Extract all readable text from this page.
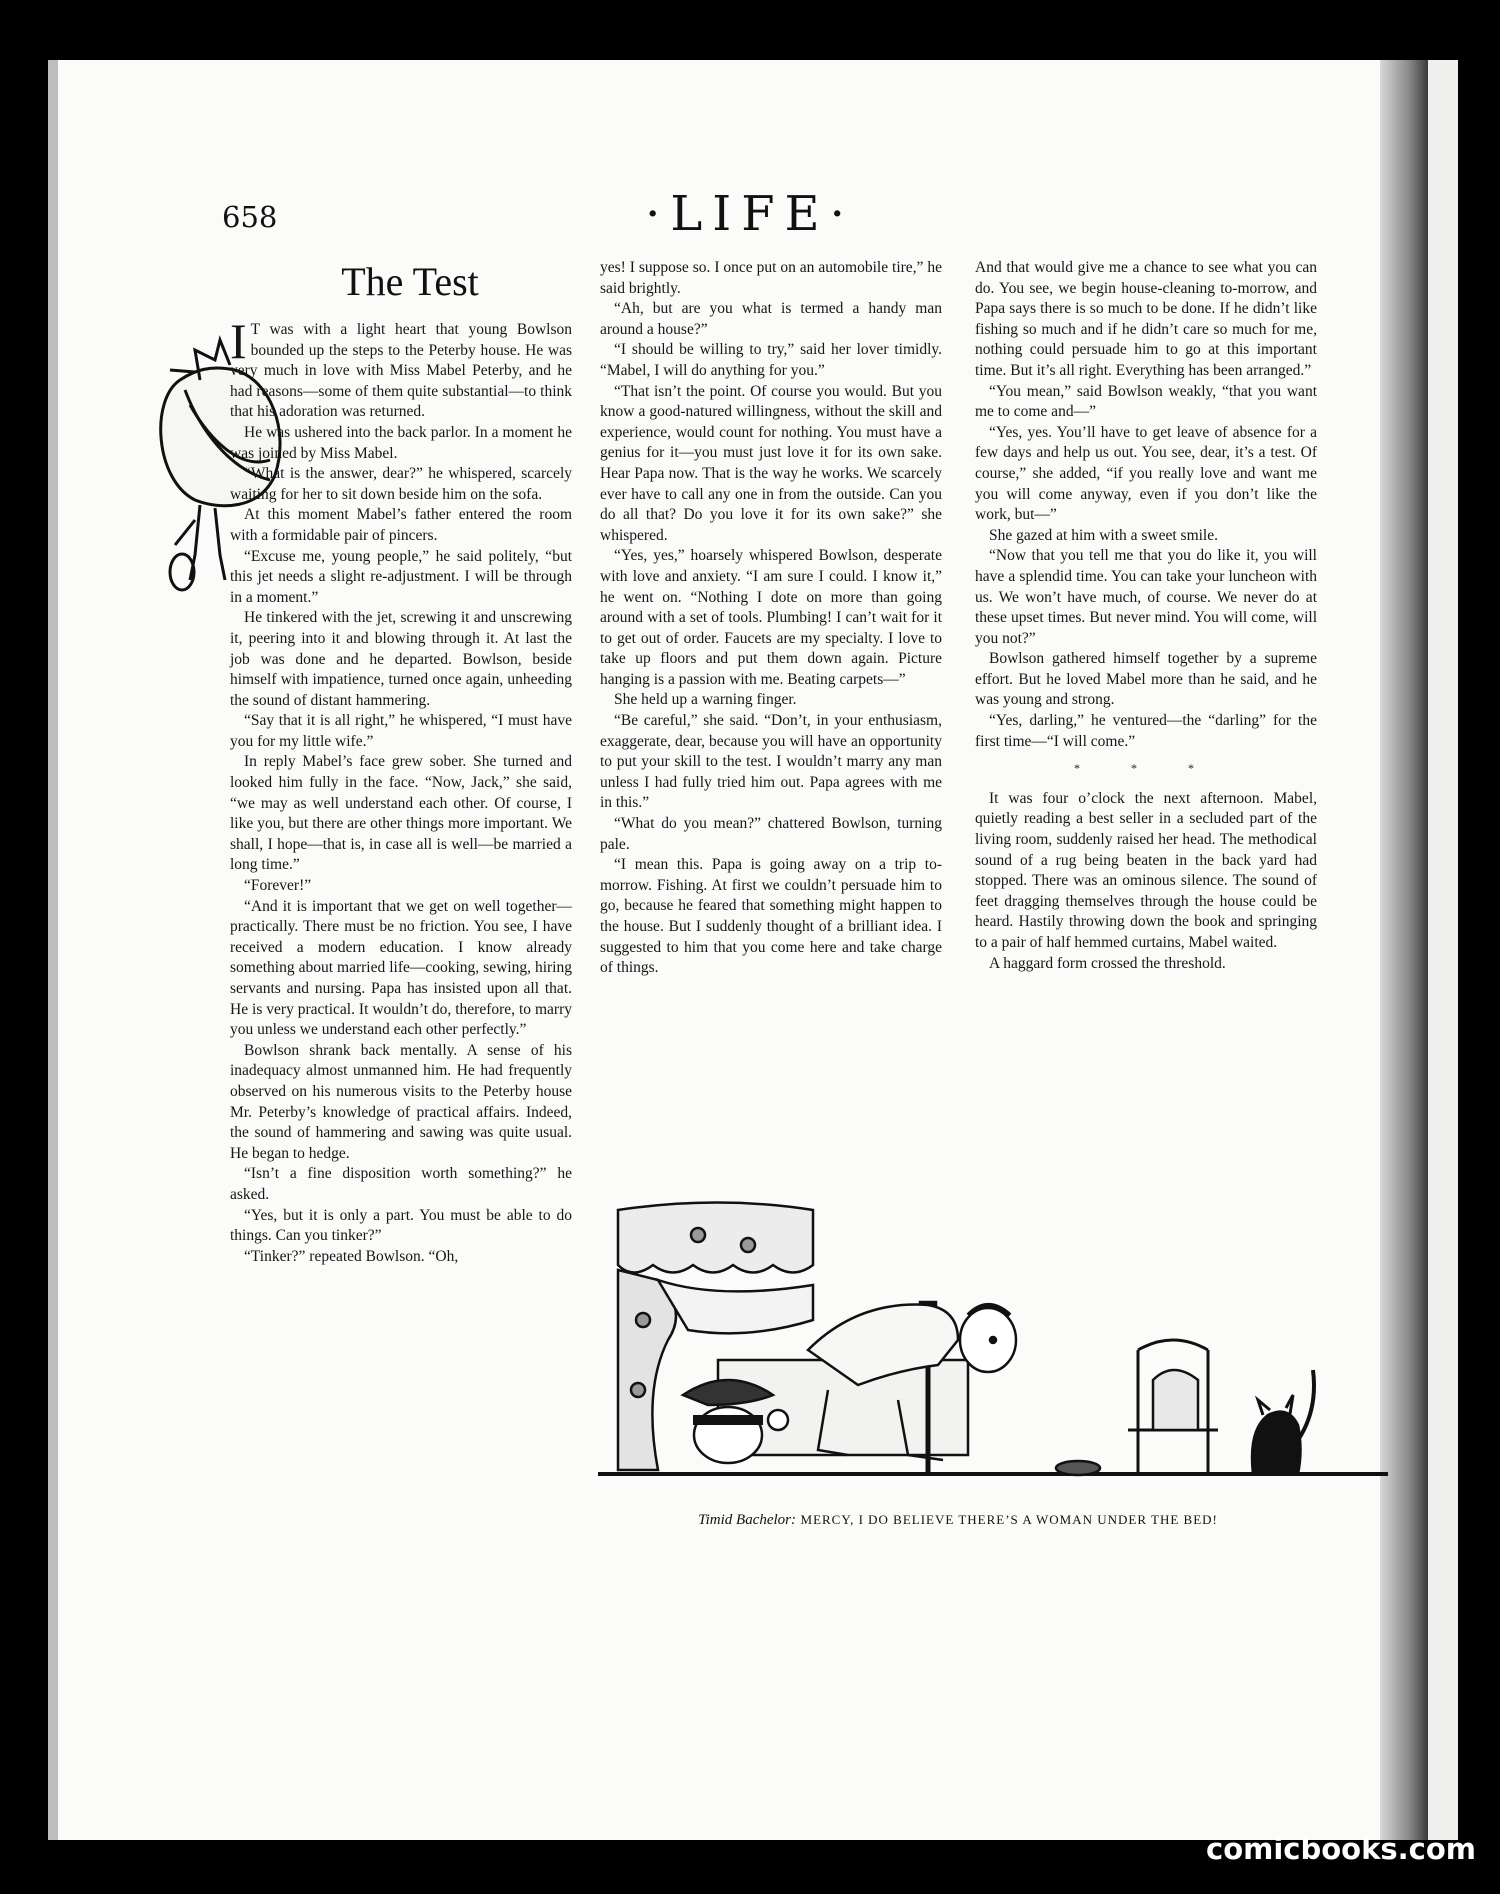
658	·LIFE·
The Test

I T was with a light heart that young Bowlson bounded up the steps to the Peterby house. He was very much in love with Miss Mabel Peterby, and he had reasons—some of them quite substantial—to think that his adoration was returned.

He was ushered into the back parlor. In a moment he was joined by Miss Mabel.

“What is the answer, dear?” he whispered, scarcely waiting for her to sit down beside him on the sofa.

At this moment Mabel’s father entered the room with a formidable pair of pincers.

“Excuse me, young people,” he said politely, “but this jet needs a slight re-adjustment. I will be through in a moment.”

He tinkered with the jet, screwing it and unscrewing it, peering into it and blowing through it. At last the job was done and he departed. Bowlson, beside himself with impatience, turned once again, unheeding the sound of distant hammering.

“Say that it is all right,” he whispered, “I must have you for my little wife.”

In reply Mabel’s face grew sober. She turned and looked him fully in the face. “Now, Jack,” she said, “we may as well understand each other. Of course, I like you, but there are other things more important. We shall, I hope—that is, in case all is well—be married a long time.”

“Forever!”

“And it is important that we get on well together—practically. There must be no friction. You see, I have received a modern education. I know already something about married life—cooking, sewing, hiring servants and nursing. Papa has insisted upon all that. He is very practical. It wouldn’t do, therefore, to marry you unless we understand each other perfectly.”

Bowlson shrank back mentally. A sense of his inadequacy almost unmanned him. He had frequently observed on his numerous visits to the Peterby house Mr. Peterby’s knowledge of practical affairs. Indeed, the sound of hammering and sawing was quite usual. He began to hedge.

“Isn’t a fine disposition worth something?” he asked.

“Yes, but it is only a part. You must be able to do things. Can you tinker?”

“Tinker?” repeated Bowlson. “Oh,

yes! I suppose so. I once put on an automobile tire,” he said brightly.

“Ah, but are you what is termed a handy man around a house?”

“I should be willing to try,” said her lover timidly. “Mabel, I will do anything for you.”

“That isn’t the point. Of course you would. But you know a good-natured willingness, without the skill and experience, would count for nothing. You must have a genius for it—you must just love it for its own sake. Hear Papa now. That is the way he works. We scarcely ever have to call any one in from the outside. Can you do all that? Do you love it for its own sake?” she whispered.

“Yes, yes,” hoarsely whispered Bowlson, desperate with love and anxiety. “I am sure I could. I know it,” he went on. “Nothing I dote on more than going around with a set of tools. Plumbing! I can’t wait for it to get out of order. Faucets are my specialty. I love to take up floors and put them down again. Picture hanging is a passion with me. Beating carpets—”

She held up a warning finger.

“Be careful,” she said. “Don’t, in your enthusiasm, exaggerate, dear, because you will have an opportunity to put your skill to the test. I wouldn’t marry any man unless I had fully tried him out. Papa agrees with me in this.”

“What do you mean?” chattered Bowlson, turning pale.

“I mean this. Papa is going away on a trip to-morrow. Fishing. At first we couldn’t persuade him to go, because he feared that something might happen to the house. But I suddenly thought of a brilliant idea. I suggested to him that you come here and take charge of things.

And that would give me a chance to see what you can do. You see, we begin house-cleaning to-morrow, and Papa says there is so much to be done. If he didn’t like fishing so much and if he didn’t care so much for me, nothing could persuade him to go at this important time. But it’s all right. Everything has been arranged.”

“You mean,” said Bowlson weakly, “that you want me to come and—”

“Yes, yes. You’ll have to get leave of absence for a few days and help us out. You see, dear, it’s a test. Of course,” she added, “if you really love and want me you will come anyway, even if you don’t like the work, but—”

She gazed at him with a sweet smile.

“Now that you tell me that you do like it, you will have a splendid time. You can take your luncheon with us. We won’t have much, of course. We never do at these upset times. But never mind. You will come, will you not?”

Bowlson gathered himself together by a supreme effort. But he loved Mabel more than he said, and he was young and strong.

“Yes, darling,” he ventured—the “darling” for the first time—“I will come.”

* * *

It was four o’clock the next afternoon. Mabel, quietly reading a best seller in a secluded part of the living room, suddenly raised her head. The methodical sound of a rug being beaten in the back yard had stopped. There was an ominous silence. The sound of feet dragging themselves through the house could be heard. Hastily throwing down the book and springing to a pair of half hemmed curtains, Mabel waited.

A haggard form crossed the threshold.

Timid Bachelor: MERCY, I DO BELIEVE THERE’S A WOMAN UNDER THE BED!
comicbooks.com
